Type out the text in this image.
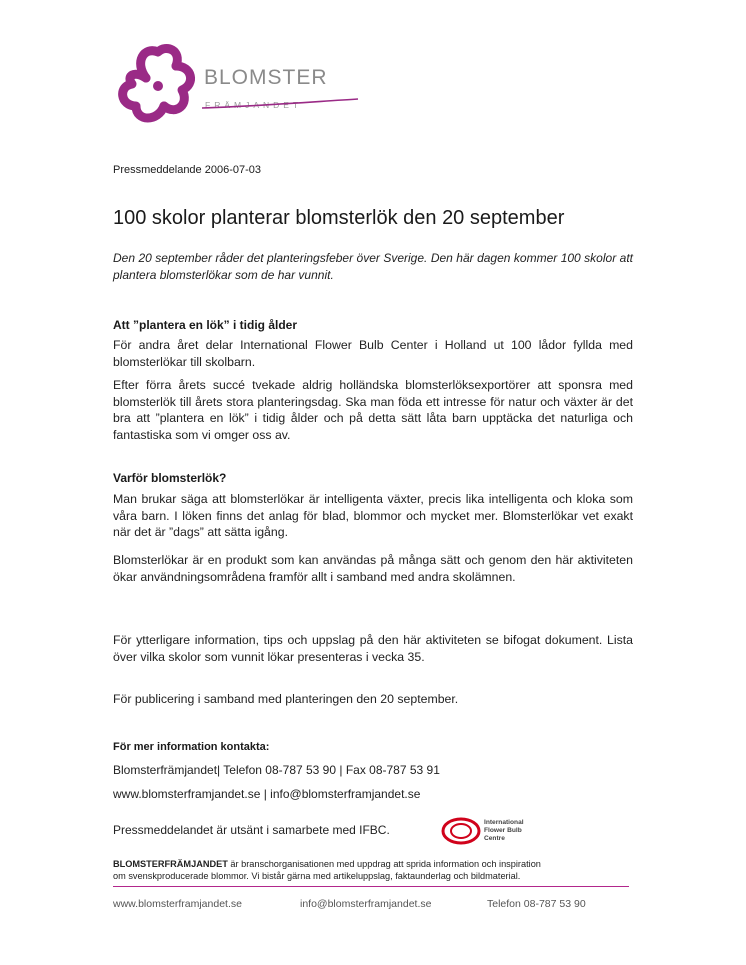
BLOMSTER
FRÄMJANDET
Pressmeddelande 2006-07-03
100 skolor planterar blomsterlök den 20 september
Den 20 september råder det planteringsfeber över Sverige. Den här dagen kommer 100 skolor att plantera blomsterlökar som de har vunnit.
Att ”plantera en lök” i tidig ålder
För andra året delar International Flower Bulb Center i Holland ut 100 lådor fyllda med blomsterlökar till skolbarn.
Efter förra årets succé tvekade aldrig holländska blomsterlöksexportörer att sponsra med blomsterlök till årets stora planteringsdag. Ska man föda ett intresse för natur och växter är det bra att ”plantera en lök” i tidig ålder och på detta sätt låta barn upptäcka det naturliga och fantastiska som vi omger oss av.
Varför blomsterlök?
Man brukar säga att blomsterlökar är intelligenta växter, precis lika intelligenta och kloka som våra barn. I löken finns det anlag för blad, blommor och mycket mer. Blomsterlökar vet exakt när det är ”dags” att sätta igång.
Blomsterlökar är en produkt som kan användas på många sätt och genom den här aktiviteten ökar användningsområdena framför allt i samband med andra skolämnen.
För ytterligare information, tips och uppslag på den här aktiviteten se bifogat dokument. Lista över vilka skolor som vunnit lökar presenteras i vecka 35.
För publicering i samband med planteringen den 20 september.
För mer information kontakta:
Blomsterfrämjandet| Telefon 08-787 53 90 | Fax 08-787 53 91
www.blomsterframjandet.se | info@blomsterframjandet.se
Pressmeddelandet är utsänt i samarbete med IFBC.
International
Flower Bulb
Centre
BLOMSTERFRÄMJANDET är branschorganisationen med uppdrag att sprida information och inspiration
om svenskproducerade blommor. Vi bistår gärna med artikeluppslag, faktaunderlag och bildmaterial.
www.blomsterframjandet.se	info@blomsterframjandet.se	Telefon 08-787 53 90
